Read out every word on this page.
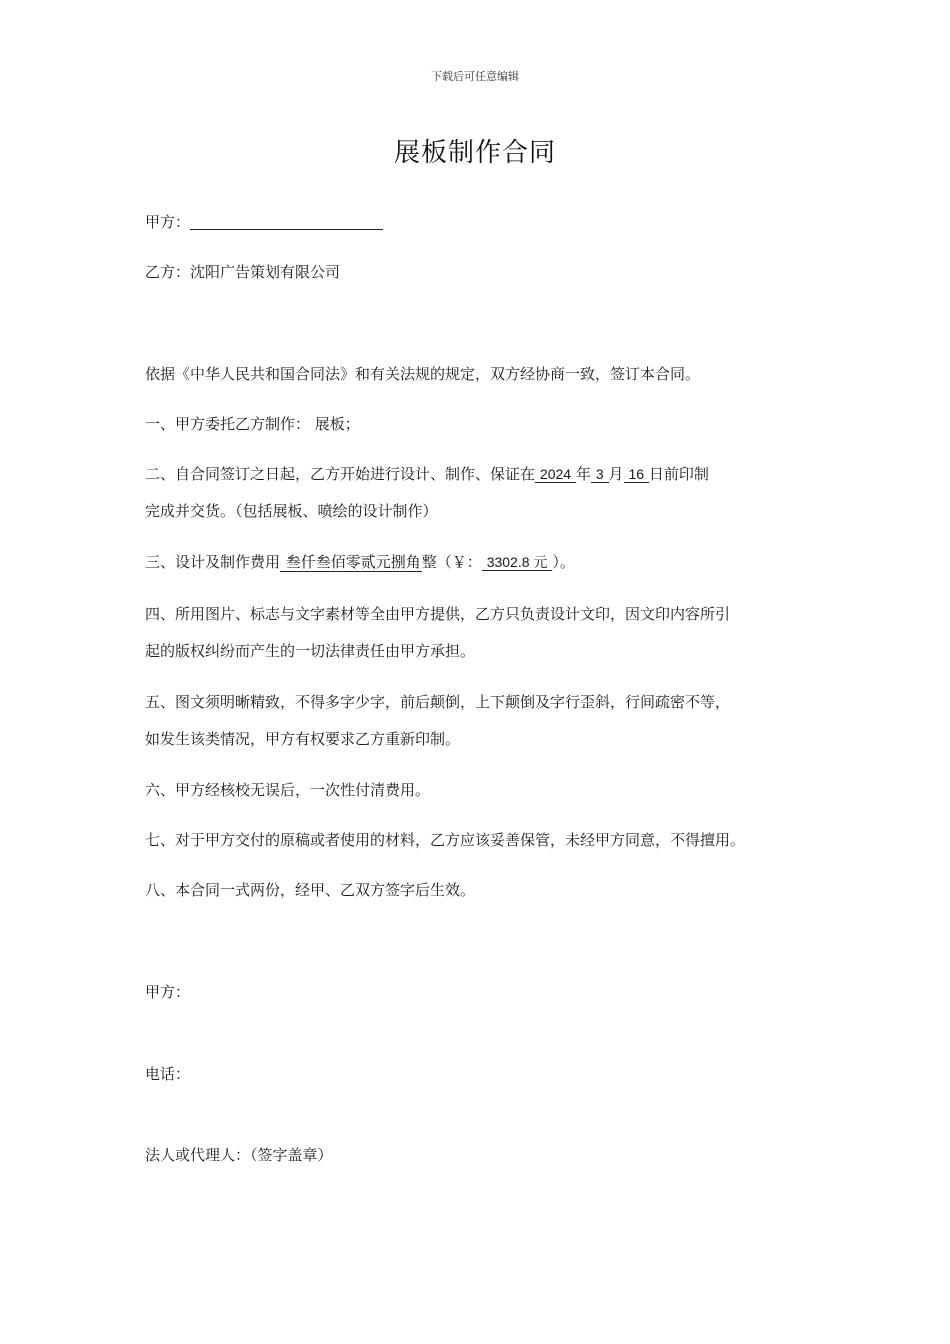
下载后可任意编辑
展板制作合同
甲方：
乙方：沈阳广告策划有限公司
依据《中华人民共和国合同法》和有关法规的规定，双方经协商一致，签订本合同。
一、甲方委托乙方制作： 展板；
二、自合同签订之日起，乙方开始进行设计、制作、保证在 2024 年 3 月 16 日前印制
完成并交货。（包括展板、喷绘的设计制作）
三、设计及制作费用 叁仟叁佰零贰元捌角整（￥： 3302.8 元 ）。
四、所用图片、标志与文字素材等全由甲方提供，乙方只负责设计文印，因文印内容所引
起的版权纠纷而产生的一切法律责任由甲方承担。
五、图文须明晰精致，不得多字少字，前后颠倒，上下颠倒及字行歪斜，行间疏密不等，
如发生该类情况，甲方有权要求乙方重新印制。
六、甲方经核校无误后，一次性付清费用。
七、对于甲方交付的原稿或者使用的材料，乙方应该妥善保管，未经甲方同意，不得擅用。
八、本合同一式两份，经甲、乙双方签字后生效。
甲方：
电话：
法人或代理人：（签字盖章）
